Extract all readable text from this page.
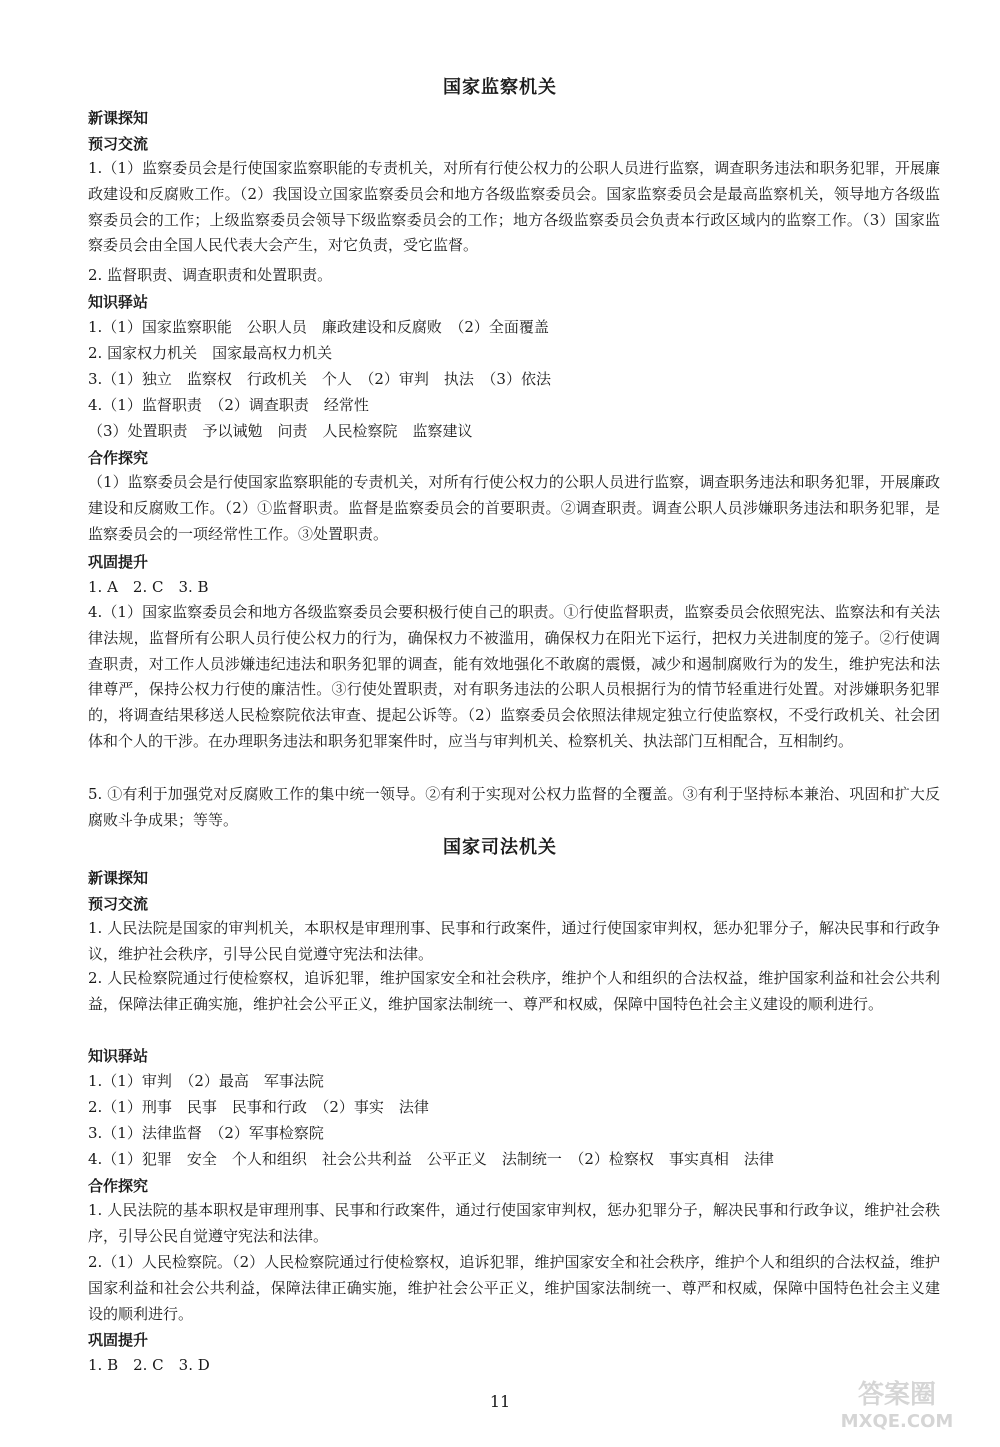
国家监察机关
新课探知
预习交流
1.（1）监察委员会是行使国家监察职能的专责机关，对所有行使公权力的公职人员进行监察，调查职务违法和职务犯罪，开展廉政建设和反腐败工作。（2）我国设立国家监察委员会和地方各级监察委员会。国家监察委员会是最高监察机关，领导地方各级监察委员会的工作；上级监察委员会领导下级监察委员会的工作；地方各级监察委员会负责本行政区域内的监察工作。（3）国家监察委员会由全国人民代表大会产生，对它负责，受它监督。
2. 监督职责、调查职责和处置职责。
知识驿站
1.（1）国家监察职能　公职人员　廉政建设和反腐败　（2）全面覆盖
2. 国家权力机关　国家最高权力机关
3.（1）独立　监察权　行政机关　个人　（2）审判　执法　（3）依法
4.（1）监督职责　（2）调查职责　经常性
（3）处置职责　予以诫勉　问责　人民检察院　监察建议
合作探究
（1）监察委员会是行使国家监察职能的专责机关，对所有行使公权力的公职人员进行监察，调查职务违法和职务犯罪，开展廉政建设和反腐败工作。（2）①监督职责。监督是监察委员会的首要职责。②调查职责。调查公职人员涉嫌职务违法和职务犯罪，是监察委员会的一项经常性工作。③处置职责。
巩固提升
1. A　2. C　3. B
4.（1）国家监察委员会和地方各级监察委员会要积极行使自己的职责。①行使监督职责，监察委员会依照宪法、监察法和有关法律法规，监督所有公职人员行使公权力的行为，确保权力不被滥用，确保权力在阳光下运行，把权力关进制度的笼子。②行使调查职责，对工作人员涉嫌违纪违法和职务犯罪的调查，能有效地强化不敢腐的震慑，减少和遏制腐败行为的发生，维护宪法和法律尊严，保持公权力行使的廉洁性。③行使处置职责，对有职务违法的公职人员根据行为的情节轻重进行处置。对涉嫌职务犯罪的，将调查结果移送人民检察院依法审查、提起公诉等。（2）监察委员会依照法律规定独立行使监察权，不受行政机关、社会团体和个人的干涉。在办理职务违法和职务犯罪案件时，应当与审判机关、检察机关、执法部门互相配合，互相制约。
5. ①有利于加强党对反腐败工作的集中统一领导。②有利于实现对公权力监督的全覆盖。③有利于坚持标本兼治、巩固和扩大反腐败斗争成果；等等。
国家司法机关
新课探知
预习交流
1. 人民法院是国家的审判机关，本职权是审理刑事、民事和行政案件，通过行使国家审判权，惩办犯罪分子，解决民事和行政争议，维护社会秩序，引导公民自觉遵守宪法和法律。
2. 人民检察院通过行使检察权，追诉犯罪，维护国家安全和社会秩序，维护个人和组织的合法权益，维护国家利益和社会公共利益，保障法律正确实施，维护社会公平正义，维护国家法制统一、尊严和权威，保障中国特色社会主义建设的顺利进行。
知识驿站
1.（1）审判　（2）最高　军事法院
2.（1）刑事　民事　民事和行政　（2）事实　法律
3.（1）法律监督　（2）军事检察院
4.（1）犯罪　安全　个人和组织　社会公共利益　公平正义　法制统一　（2）检察权　事实真相　法律
合作探究
1. 人民法院的基本职权是审理刑事、民事和行政案件，通过行使国家审判权，惩办犯罪分子，解决民事和行政争议，维护社会秩序，引导公民自觉遵守宪法和法律。
2.（1）人民检察院。（2）人民检察院通过行使检察权，追诉犯罪，维护国家安全和社会秩序，维护个人和组织的合法权益，维护国家利益和社会公共利益，保障法律正确实施，维护社会公平正义，维护国家法制统一、尊严和权威，保障中国特色社会主义建设的顺利进行。
巩固提升
1. B　2. C　3. D
11	答案圈
MXQE.COM
